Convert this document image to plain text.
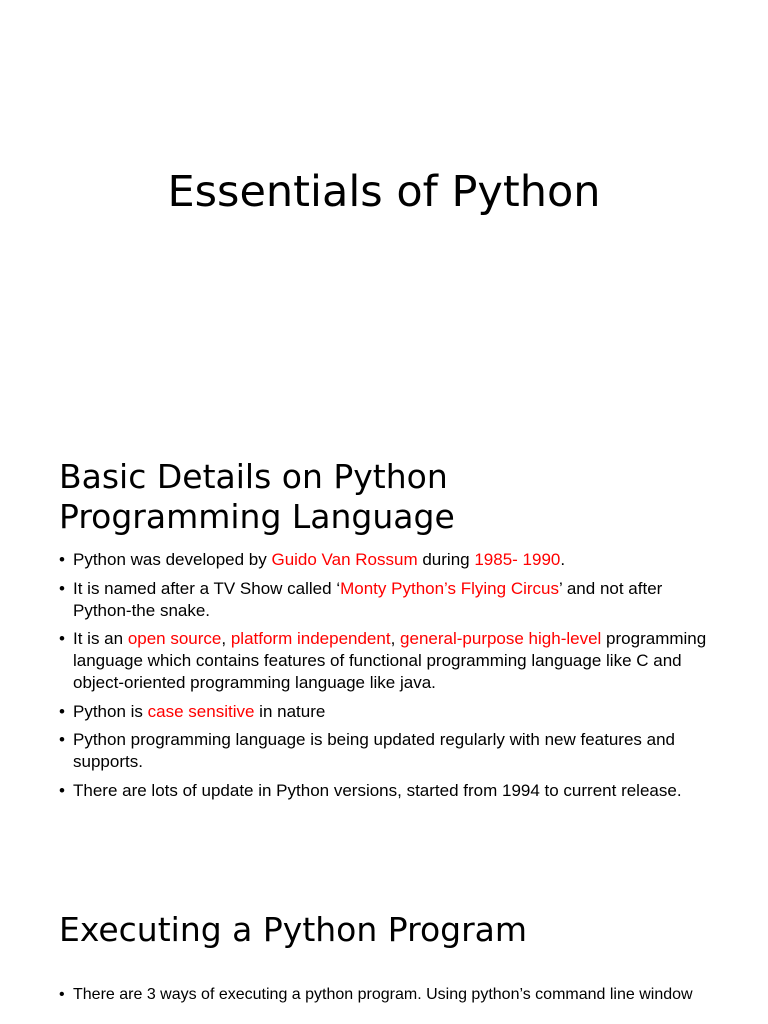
Essentials of Python
Basic Details on Python
Programming Language
• Python was developed by Guido Van Rossum during 1985- 1990.
• It is named after a TV Show called ‘Monty Python’s Flying Circus’ and not after Python-the snake.
• It is an open source, platform independent, general-purpose high-level programming language which contains features of functional programming language like C and object-oriented programming language like java.
• Python is case sensitive in nature
• Python programming language is being updated regularly with new features and supports.
• There are lots of update in Python versions, started from 1994 to current release.
Executing a Python Program
• There are 3 ways of executing a python program. Using python’s command line window
